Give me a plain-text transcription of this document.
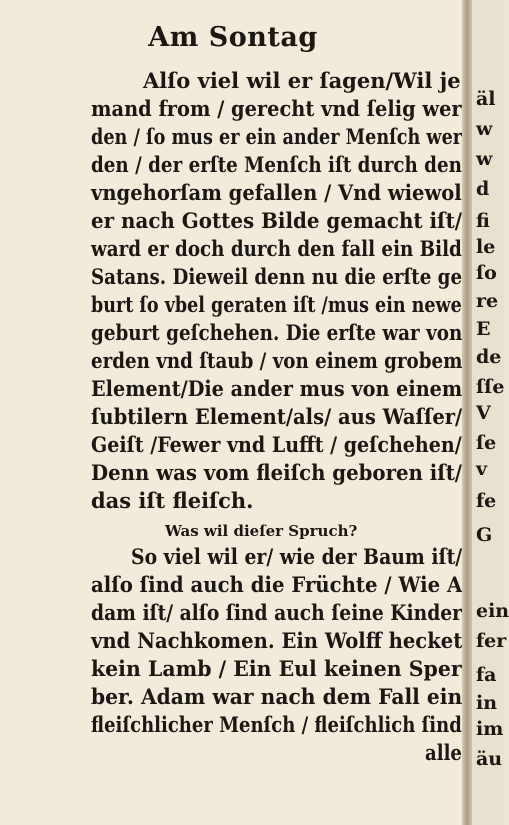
Am Sontag
Alſo viel wil er ſagen/Wil je
mand from / gerecht vnd ſelig wer
den / ſo mus er ein ander Menſch wer
den / der erſte Menſch iſt durch den
vngehorſam gefallen / Vnd wiewol
er nach Gottes Bilde gemacht iſt/
ward er doch durch den fall ein Bild
Satans. Dieweil denn nu die erſte ge
burt ſo vbel geraten iſt /mus ein newe
geburt geſchehen. Die erſte war von
erden vnd ſtaub / von einem grobem
Element/Die ander mus von einem
ſubtilern Element/als/ aus Waſſer/
Geiſt /Fewer vnd Lufft / geſchehen/
Denn was vom fleiſch geboren iſt/
das iſt fleiſch.
Was wil dieſer Spruch?
So viel wil er/ wie der Baum iſt/
alſo ſind auch die Früchte / Wie A
dam iſt/ alſo ſind auch ſeine Kinder
vnd Nachkomen. Ein Wolff hecket
kein Lamb / Ein Eul keinen Sper
ber. Adam war nach dem Fall ein
fleiſchlicher Menſch / fleiſchlich ſind
alle
äl
w
w
d
fi
le
ſo
re
E
de
ſſe
V
ſe
v
fe
G
ein
fer
fa
in
im
äu
